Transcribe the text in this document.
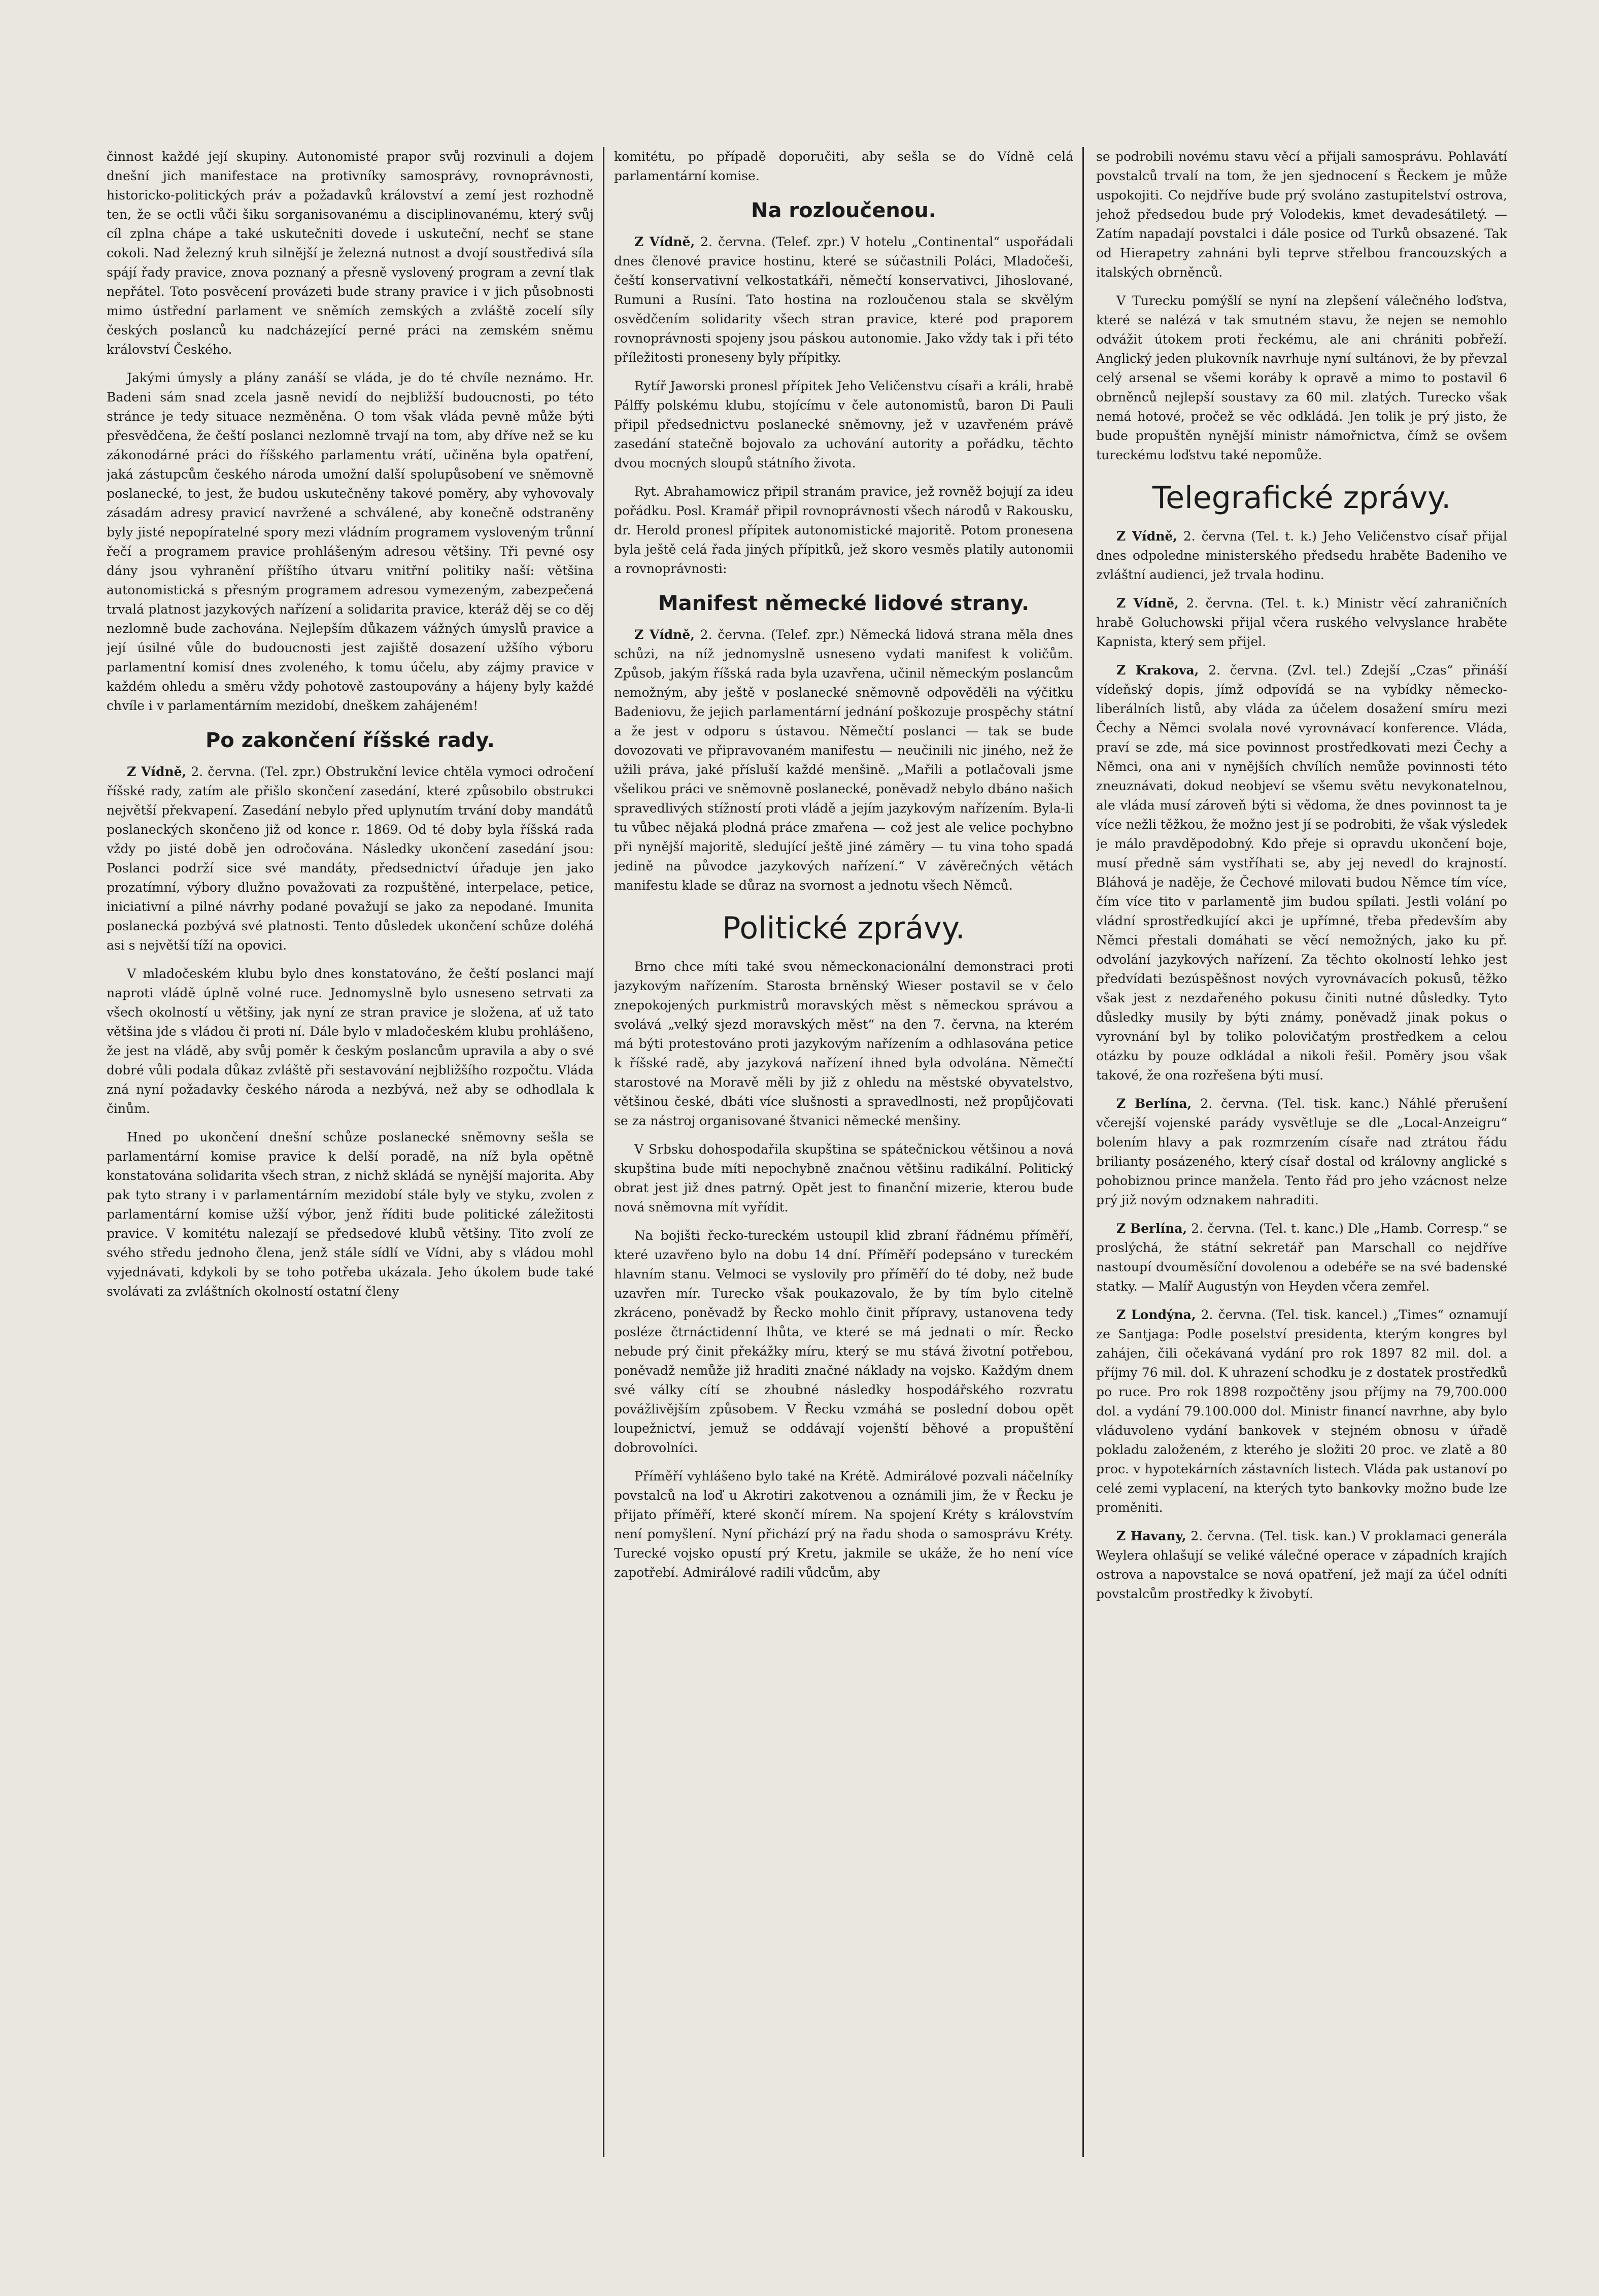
činnost každé její skupiny. Autonomisté prapor svůj rozvinuli a dojem dnešní jich manifestace na protivníky samosprávy, rovnoprávnosti, historicko-politických práv a požadavků království a zemí jest rozhodně ten, že se octli vůči šiku sorganisovanému a disciplinovanému, který svůj cíl zplna chápe a také uskutečniti dovede i uskuteční, nechť se stane cokoli. Nad železný kruh silnější je železná nutnost a dvojí soustředivá síla spájí řady pravice, znova poznaný a přesně vyslovený program a zevní tlak nepřátel. Toto posvěcení provázeti bude strany pravice i v jich působnosti mimo ústřední parlament ve sněmích zemských a zvláště zocelí síly českých poslanců ku nadcházející perné práci na zemském sněmu království Českého.

Jakými úmysly a plány zanáší se vláda, je do té chvíle neznámo. Hr. Badeni sám snad zcela jasně nevidí do nejbližší budoucnosti, po této stránce je tedy situace nezměněna. O tom však vláda pevně může býti přesvědčena, že čeští poslanci nezlomně trvají na tom, aby dříve než se ku zákonodárné práci do říšského parlamentu vrátí, učiněna byla opatření, jaká zástupcům českého národa umožní další spolupůsobení ve sněmovně poslanecké, to jest, že budou uskutečněny takové poměry, aby vyhovovaly zásadám adresy pravicí navržené a schválené, aby konečně odstraněny byly jisté nepopíratelné spory mezi vládním programem vysloveným trůnní řečí a programem pravice prohlášeným adresou většiny. Tři pevné osy dány jsou vyhranění příštího útvaru vnitřní politiky naší: většina autonomistická s přesným programem adresou vymezeným, zabezpečená trvalá platnost jazykových nařízení a solidarita pravice, kteráž děj se co děj nezlomně bude zachována. Nejlepším důkazem vážných úmyslů pravice a její úsilné vůle do budoucnosti jest zajiště dosazení užšího výboru parlamentní komisí dnes zvoleného, k tomu účelu, aby zájmy pravice v každém ohledu a směru vždy pohotově zastoupovány a hájeny byly každé chvíle i v parlamentárním mezidobí, dneškem zahájeném!

Po zakončení říšské rady.

Z Vídně, 2. června. (Tel. zpr.) Obstrukční levice chtěla vymoci odročení říšské rady, zatím ale přišlo skončení zasedání, které způsobilo obstrukci největší překvapení. Zasedání nebylo před uplynutím trvání doby mandátů poslaneckých skončeno již od konce r. 1869. Od té doby byla říšská rada vždy po jisté době jen odročována. Následky ukončení zasedání jsou: Poslanci podrží sice své mandáty, předsednictví úřaduje jen jako prozatímní, výbory dlužno považovati za rozpuštěné, interpelace, petice, iniciativní a pilné návrhy podané považují se jako za nepodané. Imunita poslanecká pozbývá své platnosti. Tento důsledek ukončení schůze doléhá asi s největší tíží na opovici.

V mladočeském klubu bylo dnes konstatováno, že čeští poslanci mají naproti vládě úplně volné ruce. Jednomyslně bylo usneseno setrvati za všech okolností u většiny, jak nyní ze stran pravice je složena, ať už tato většina jde s vládou či proti ní. Dále bylo v mladočeském klubu prohlášeno, že jest na vládě, aby svůj poměr k českým poslancům upravila a aby o své dobré vůli podala důkaz zvláště při sestavování nejbližšího rozpočtu. Vláda zná nyní požadavky českého národa a nezbývá, než aby se odhodlala k činům.

Hned po ukončení dnešní schůze poslanecké sněmovny sešla se parlamentární komise pravice k delší poradě, na níž byla opětně konstatována solidarita všech stran, z nichž skládá se nynější majorita. Aby pak tyto strany i v parlamentárním mezidobí stále byly ve styku, zvolen z parlamentární komise užší výbor, jenž říditi bude politické záležitosti pravice. V komitétu nalezají se předsedové klubů většiny. Tito zvolí ze svého středu jednoho člena, jenž stále sídlí ve Vídni, aby s vládou mohl vyjednávati, kdykoli by se toho potřeba ukázala. Jeho úkolem bude také svolávati za zvláštních okolností ostatní členy

komitétu, po případě doporučiti, aby sešla se do Vídně celá parlamentární komise.

Na rozloučenou.

Z Vídně, 2. června. (Telef. zpr.) V hotelu „Continental“ uspořádali dnes členové pravice hostinu, které se súčastnili Poláci, Mladočeši, čeští konservativní velkostatkáři, němečtí konservativci, Jihoslované, Rumuni a Rusíni. Tato hostina na rozloučenou stala se skvělým osvědčením solidarity všech stran pravice, které pod praporem rovnoprávnosti spojeny jsou páskou autonomie. Jako vždy tak i při této příležitosti proneseny byly přípitky.

Rytíř Jaworski pronesl přípitek Jeho Veličenstvu císaři a králi, hrabě Pálffy polskému klubu, stojícímu v čele autonomistů, baron Di Pauli připil předsednictvu poslanecké sněmovny, jež v uzavřeném právě zasedání statečně bojovalo za uchování autority a pořádku, těchto dvou mocných sloupů státního života.

Ryt. Abrahamowicz připil stranám pravice, jež rovněž bojují za ideu pořádku. Posl. Kramář připil rovnoprávnosti všech národů v Rakousku, dr. Herold pronesl přípitek autonomistické majoritě. Potom pronesena byla ještě celá řada jiných přípitků, jež skoro vesměs platily autonomii a rovnoprávnosti:

Manifest německé lidové strany.

Z Vídně, 2. června. (Telef. zpr.) Německá lidová strana měla dnes schůzi, na níž jednomyslně usneseno vydati manifest k voličům. Způsob, jakým říšská rada byla uzavřena, učinil německým poslancům nemožným, aby ještě v poslanecké sněmovně odpověděli na výčitku Badeniovu, že jejich parlamentární jednání poškozuje prospěchy státní a že jest v odporu s ústavou. Němečtí poslanci — tak se bude dovozovati ve připravovaném manifestu — neučinili nic jiného, než že užili práva, jaké přísluší každé menšině. „Mařili a potlačovali jsme všelikou práci ve sněmovně poslanecké, poněvadž nebylo dbáno našich spravedlivých stížností proti vládě a jejím jazykovým nařízením. Byla-li tu vůbec nějaká plodná práce zmařena — což jest ale velice pochybno při nynější majoritě, sledující ještě jiné zámĕry — tu vina toho spadá jedině na původce jazykových nařízení.“ V závěrečných větách manifestu klade se důraz na svornost a jednotu všech Němců.

Politické zprávy.

Brno chce míti také svou německonacionální demonstraci proti jazykovým nařízením. Starosta brněnský Wieser postavil se v čelo znepokojených purkmistrů moravských měst s německou správou a svolává „velký sjezd moravských měst“ na den 7. června, na kterém má býti protestováno proti jazykovým nařízením a odhlasována petice k říšské radě, aby jazyková nařízení ihned byla odvolána. Němečtí starostové na Moravě měli by již z ohledu na městské obyvatelstvo, většinou české, dbáti více slušnosti a spravedlnosti, než propůjčovati se za nástroj organisované štvanici německé menšiny.

V Srbsku dohospodařila skupština se spátečnickou většinou a nová skupština bude míti nepochybně značnou většinu radikální. Politický obrat jest již dnes patrný. Opět jest to finanční mizerie, kterou bude nová sněmovna mít vyřídit.

Na bojišti řecko-tureckém ustoupil klid zbraní řádnému příměří, které uzavřeno bylo na dobu 14 dní. Příměří podepsáno v tureckém hlavním stanu. Velmoci se vyslovily pro příměří do té doby, než bude uzavřen mír. Turecko však poukazovalo, že by tím bylo citelně zkráceno, poněvadž by Řecko mohlo činit přípravy, ustanovena tedy posléze čtrnáctidenní lhůta, ve které se má jednati o mír. Řecko nebude prý činit překážky míru, který se mu stává životní potřebou, poněvadž nemůže již hraditi značné náklady na vojsko. Každým dnem své války cítí se zhoubné následky hospodářského rozvratu povážlivějším způsobem. V Řecku vzmáhá se poslední dobou opět loupežnictví, jemuž se oddávají vojenští běhové a propuštění dobrovolníci.

Příměří vyhlášeno bylo také na Krétě. Admirálové pozvali náčelníky povstalců na loď u Akrotiri zakotvenou a oznámili jim, že v Řecku je přijato příměří, které skončí mírem. Na spojení Kréty s královstvím není pomyšlení. Nyní přichází prý na řadu shoda o samosprávu Kréty. Turecké vojsko opustí prý Kretu, jakmile se ukáže, že ho není více zapotřebí. Admirálové radili vůdcům, aby

se podrobili novému stavu věcí a přijali samosprávu. Pohlavátí povstalců trvalí na tom, že jen sjednocení s Řeckem je může uspokojiti. Co nejdříve bude prý svoláno zastupitelství ostrova, jehož předsedou bude prý Volodekis, kmet devadesátiletý. — Zatím napadají povstalci i dále posice od Turků obsazené. Tak od Hierapetry zahnáni byli teprve střelbou francouzských a italských obrněnců.

V Turecku pomýšlí se nyní na zlepšení válečného loďstva, které se nalézá v tak smutném stavu, že nejen se nemohlo odvážit útokem proti řeckému, ale ani chrániti pobřeží. Anglický jeden plukovník navrhuje nyní sultánovi, že by převzal celý arsenal se všemi koráby k opravě a mimo to postavil 6 obrněnců nejlepší soustavy za 60 mil. zlatých. Turecko však nemá hotové, pročež se věc odkládá. Jen tolik je prý jisto, že bude propuštěn nynější ministr námořnictva, čímž se ovšem tureckému loďstvu také nepomůže.

Telegrafické zprávy.

Z Vídně, 2. června (Tel. t. k.) Jeho Veličenstvo císař přijal dnes odpoledne ministerského předsedu hraběte Badeniho ve zvláštní audienci, jež trvala hodinu.

Z Vídně, 2. června. (Tel. t. k.) Ministr věcí zahraničních hrabě Goluchowski přijal včera ruského velvyslance hraběte Kapnista, který sem přijel.

Z Krakova, 2. června. (Zvl. tel.) Zdejší „Czas“ přináší vídeňský dopis, jímž odpovídá se na vybídky německo-liberálních listů, aby vláda za účelem dosažení smíru mezi Čechy a Němci svolala nové vyrovnávací konference. Vláda, praví se zde, má sice povinnost prostředkovati mezi Čechy a Němci, ona ani v nynějších chvílích nemůže povinnosti této zneuznávati, dokud neobjeví se všemu světu nevykonatelnou, ale vláda musí zároveň býti si vědoma, že dnes povinnost ta je více nežli těžkou, že možno jest jí se podrobiti, že však výsledek je málo pravděpodobný. Kdo přeje si opravdu ukončení boje, musí předně sám vystříhati se, aby jej nevedl do krajností. Bláhová je naděje, že Čechové milovati budou Němce tím více, čím více tito v parlamentě jim budou spílati. Jestli volání po vládní sprostředkující akci je upřímné, třeba především aby Němci přestali domáhati se věcí nemožných, jako ku př. odvolání jazykových nařízení. Za těchto okolností lehko jest předvídati bezúspěšnost nových vyrovnávacích pokusů, těžko však jest z nezdařeného pokusu činiti nutné důsledky. Tyto důsledky musily by býti známy, poněvadž jinak pokus o vyrovnání byl by toliko polovičatým prostředkem a celou otázku by pouze odkládal a nikoli řešil. Poměry jsou však takové, že ona rozřešena býti musí.

Z Berlína, 2. června. (Tel. tisk. kanc.) Náhlé přerušení včerejší vojenské parády vysvětluje se dle „Local-Anzeigru“ bolením hlavy a pak rozmrzením císaře nad ztrátou řádu brilianty posázeného, který císař dostal od královny anglické s pohobiznou prince manžela. Tento řád pro jeho vzácnost nelze prý již novým odznakem nahraditi.

Z Berlína, 2. června. (Tel. t. kanc.) Dle „Hamb. Corresp.“ se proslýchá, že státní sekretář pan Marschall co nejdříve nastoupí dvouměsíční dovolenou a odebéře se na své badenské statky. — Malíř Augustýn von Heyden včera zemřel.

Z Londýna, 2. června. (Tel. tisk. kancel.) „Times“ oznamují ze Santjaga: Podle poselství presidenta, kterým kongres byl zahájen, čili očekávaná vydání pro rok 1897 82 mil. dol. a příjmy 76 mil. dol. K uhrazení schodku je z dostatek prostředků po ruce. Pro rok 1898 rozpočtěny jsou příjmy na 79,700.000 dol. a vydání 79.100.000 dol. Ministr financí navrhne, aby bylo vláduvoleno vydání bankovek v stejném obnosu v úřadě pokladu založeném, z kterého je složiti 20 proc. ve zlatě a 80 proc. v hypotekárních zástavních listech. Vláda pak ustanoví po celé zemi vyplacení, na kterých tyto bankovky možno bude lze proměniti.

Z Havany, 2. června. (Tel. tisk. kan.) V proklamaci generála Weylera ohlašují se veliké válečné operace v západních krajích ostrova a napovstalce se nová opatření, jež mají za účel odníti povstalcům prostředky k živobytí.
